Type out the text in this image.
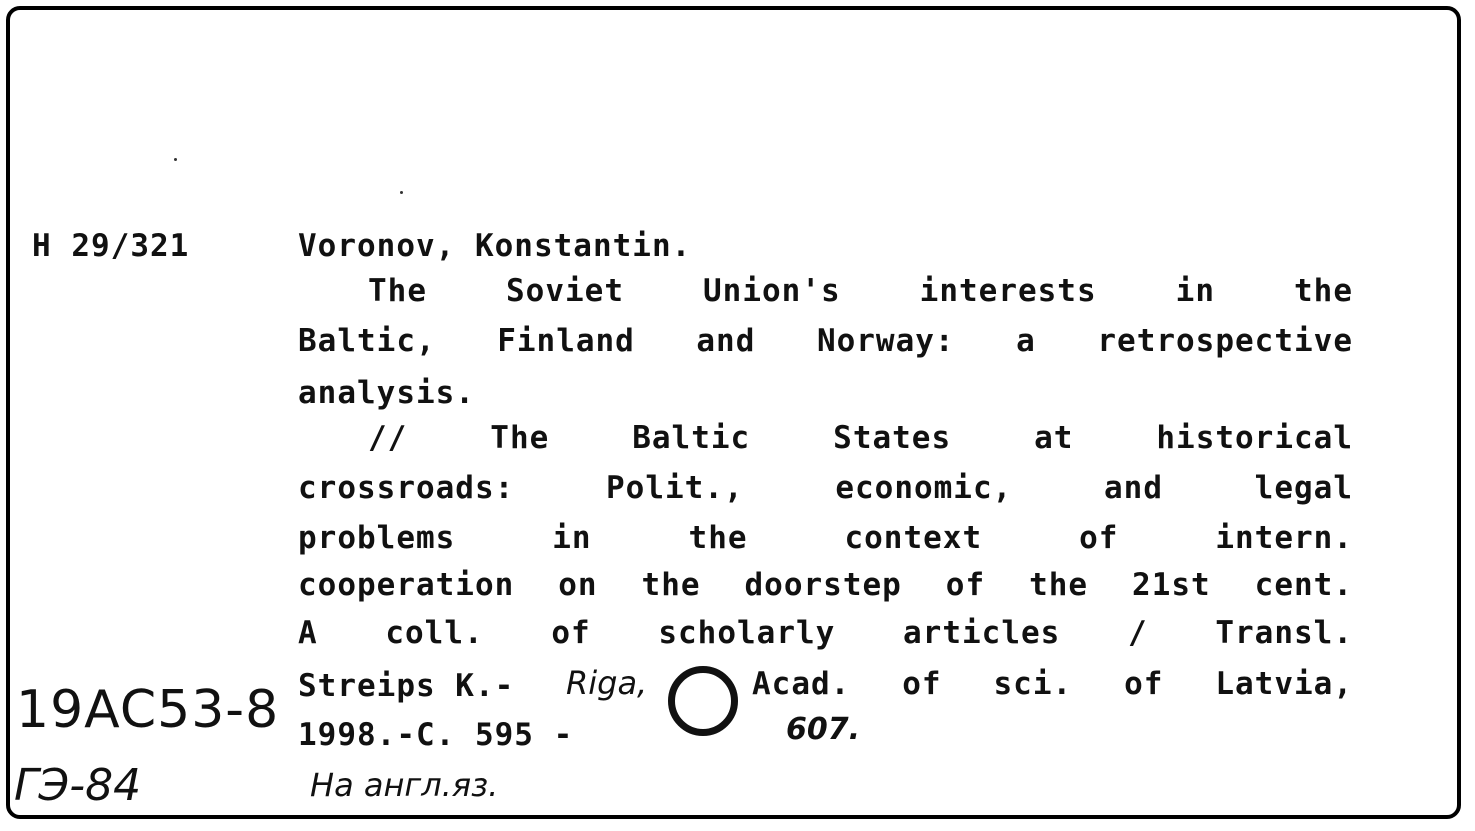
H 29/321	Voronov, Konstantin.
The Soviet Union's interests in the
Baltic, Finland and Norway: a retrospective
analysis.
// The Baltic States at historical
crossroads: Polit., economic, and legal
problems in the context of intern.
cooperation on the doorstep of the 21st cent.
A coll. of scholarly articles / Transl.
Streips K.- Riga,	Acad. of sci. of Latvia,
1998.-C. 595 -	607.
На англ.яз.
19AC53-8
ГЭ-84
